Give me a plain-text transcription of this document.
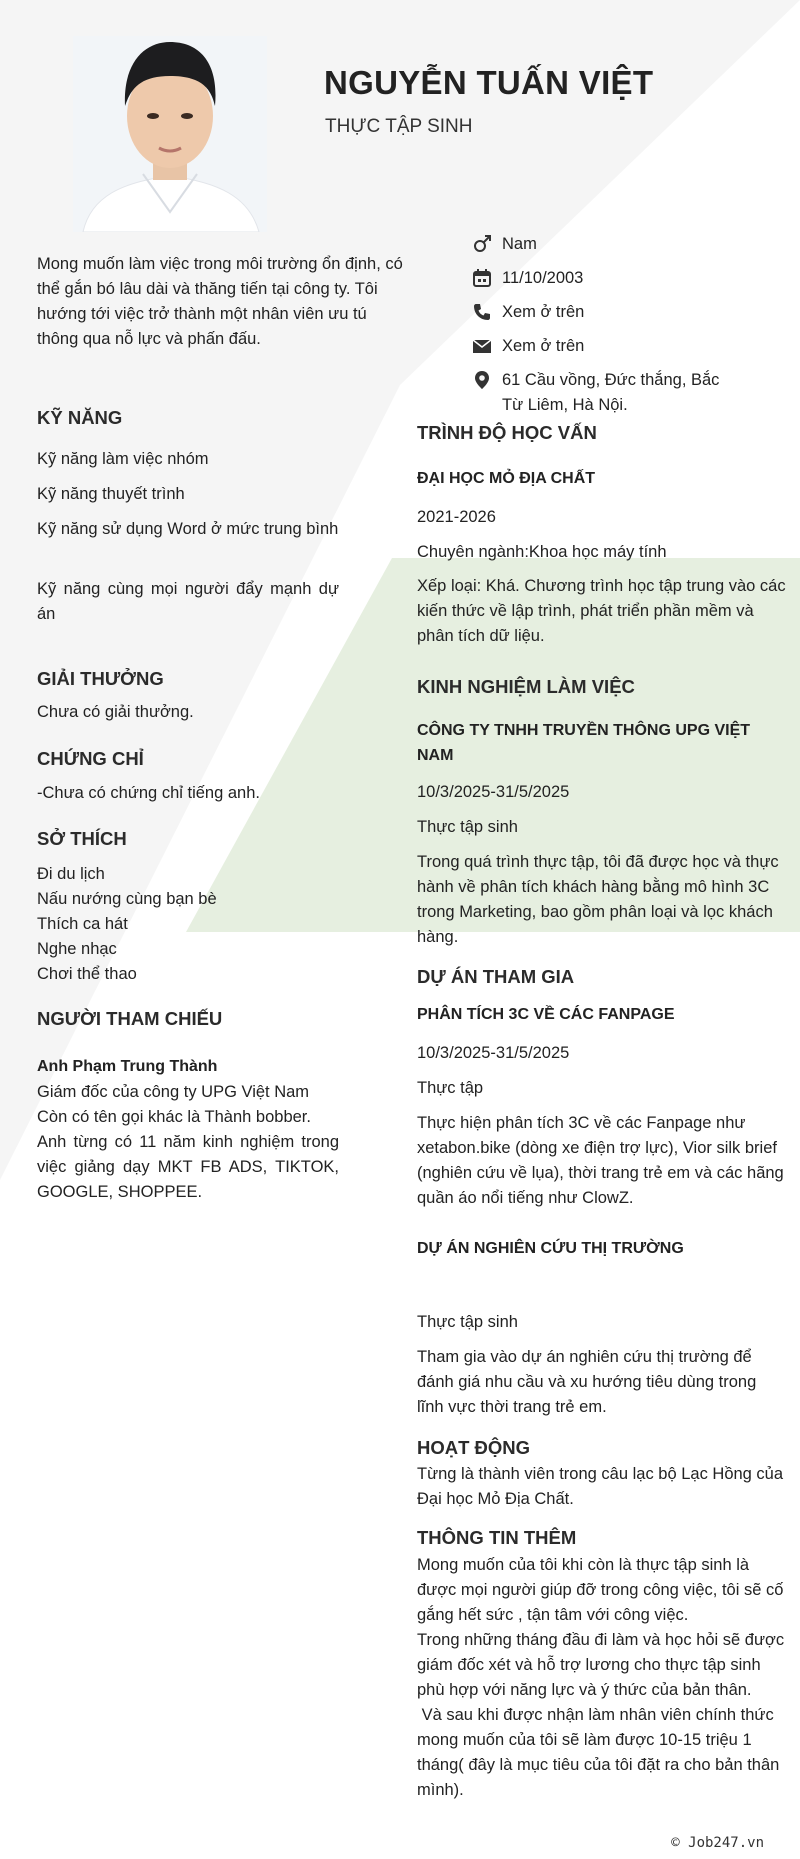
NGUYỄN TUẤN VIỆT
THỰC TẬP SINH
Mong muốn làm việc trong môi trường ổn định, có thể gắn bó lâu dài và thăng tiến tại công ty. Tôi hướng tới việc trở thành một nhân viên ưu tú thông qua nỗ lực và phấn đấu.
Nam
11/10/2003
Xem ở trên
Xem ở trên
61 Cầu vồng, Đức thắng, Bắc Từ Liêm, Hà Nội.
KỸ NĂNG
Kỹ năng làm việc nhóm
Kỹ năng thuyết trình
Kỹ năng sử dụng Word ở mức trung bình
Kỹ năng cùng mọi người đẩy mạnh dự án
GIẢI THƯỞNG
Chưa có giải thưởng.
CHỨNG CHỈ
-Chưa có chứng chỉ tiếng anh.
SỞ THÍCH
Đi du lịch
Nấu nướng cùng bạn bè
Thích ca hát
Nghe nhạc
Chơi thể thao
NGƯỜI THAM CHIẾU
Anh Phạm Trung Thành
Giám đốc của công ty UPG Việt Nam
Còn có tên gọi khác là Thành bobber.
Anh từng có 11 năm kinh nghiệm trong việc giảng dạy MKT FB ADS, TIKTOK, GOOGLE, SHOPPEE.
TRÌNH ĐỘ HỌC VẤN
ĐẠI HỌC MỎ ĐỊA CHẤT
2021-2026
Chuyên ngành:Khoa học máy tính
Xếp loại: Khá. Chương trình học tập trung vào các kiến thức về lập trình, phát triển phần mềm và phân tích dữ liệu.
KINH NGHIỆM LÀM VIỆC
CÔNG TY TNHH TRUYỀN THÔNG UPG VIỆT NAM
10/3/2025-31/5/2025
Thực tập sinh
Trong quá trình thực tập, tôi đã được học và thực hành về phân tích khách hàng bằng mô hình 3C trong Marketing, bao gồm phân loại và lọc khách hàng.
DỰ ÁN THAM GIA
PHÂN TÍCH 3C VỀ CÁC FANPAGE
10/3/2025-31/5/2025
Thực tập
Thực hiện phân tích 3C về các Fanpage như xetabon.bike (dòng xe điện trợ lực), Vior silk brief (nghiên cứu về lụa), thời trang trẻ em và các hãng quần áo nổi tiếng như ClowZ.
DỰ ÁN NGHIÊN CỨU THỊ TRƯỜNG
Thực tập sinh
Tham gia vào dự án nghiên cứu thị trường để đánh giá nhu cầu và xu hướng tiêu dùng trong lĩnh vực thời trang trẻ em.
HOẠT ĐỘNG
Từng là thành viên trong câu lạc bộ Lạc Hồng của Đại học Mỏ Địa Chất.
THÔNG TIN THÊM
Mong muốn của tôi khi còn là thực tập sinh là được mọi người giúp đỡ trong công việc, tôi sẽ cố gắng hết sức , tận tâm với công việc.
Trong những tháng đầu đi làm và học hỏi sẽ được giám đốc xét và hỗ trợ lương cho thực tập sinh phù hợp với năng lực và ý thức của bản thân.
Và sau khi được nhận làm nhân viên chính thức mong muốn của tôi sẽ làm được 10-15 triệu 1 tháng( đây là mục tiêu của tôi đặt ra cho bản thân mình).
© Job247.vn
